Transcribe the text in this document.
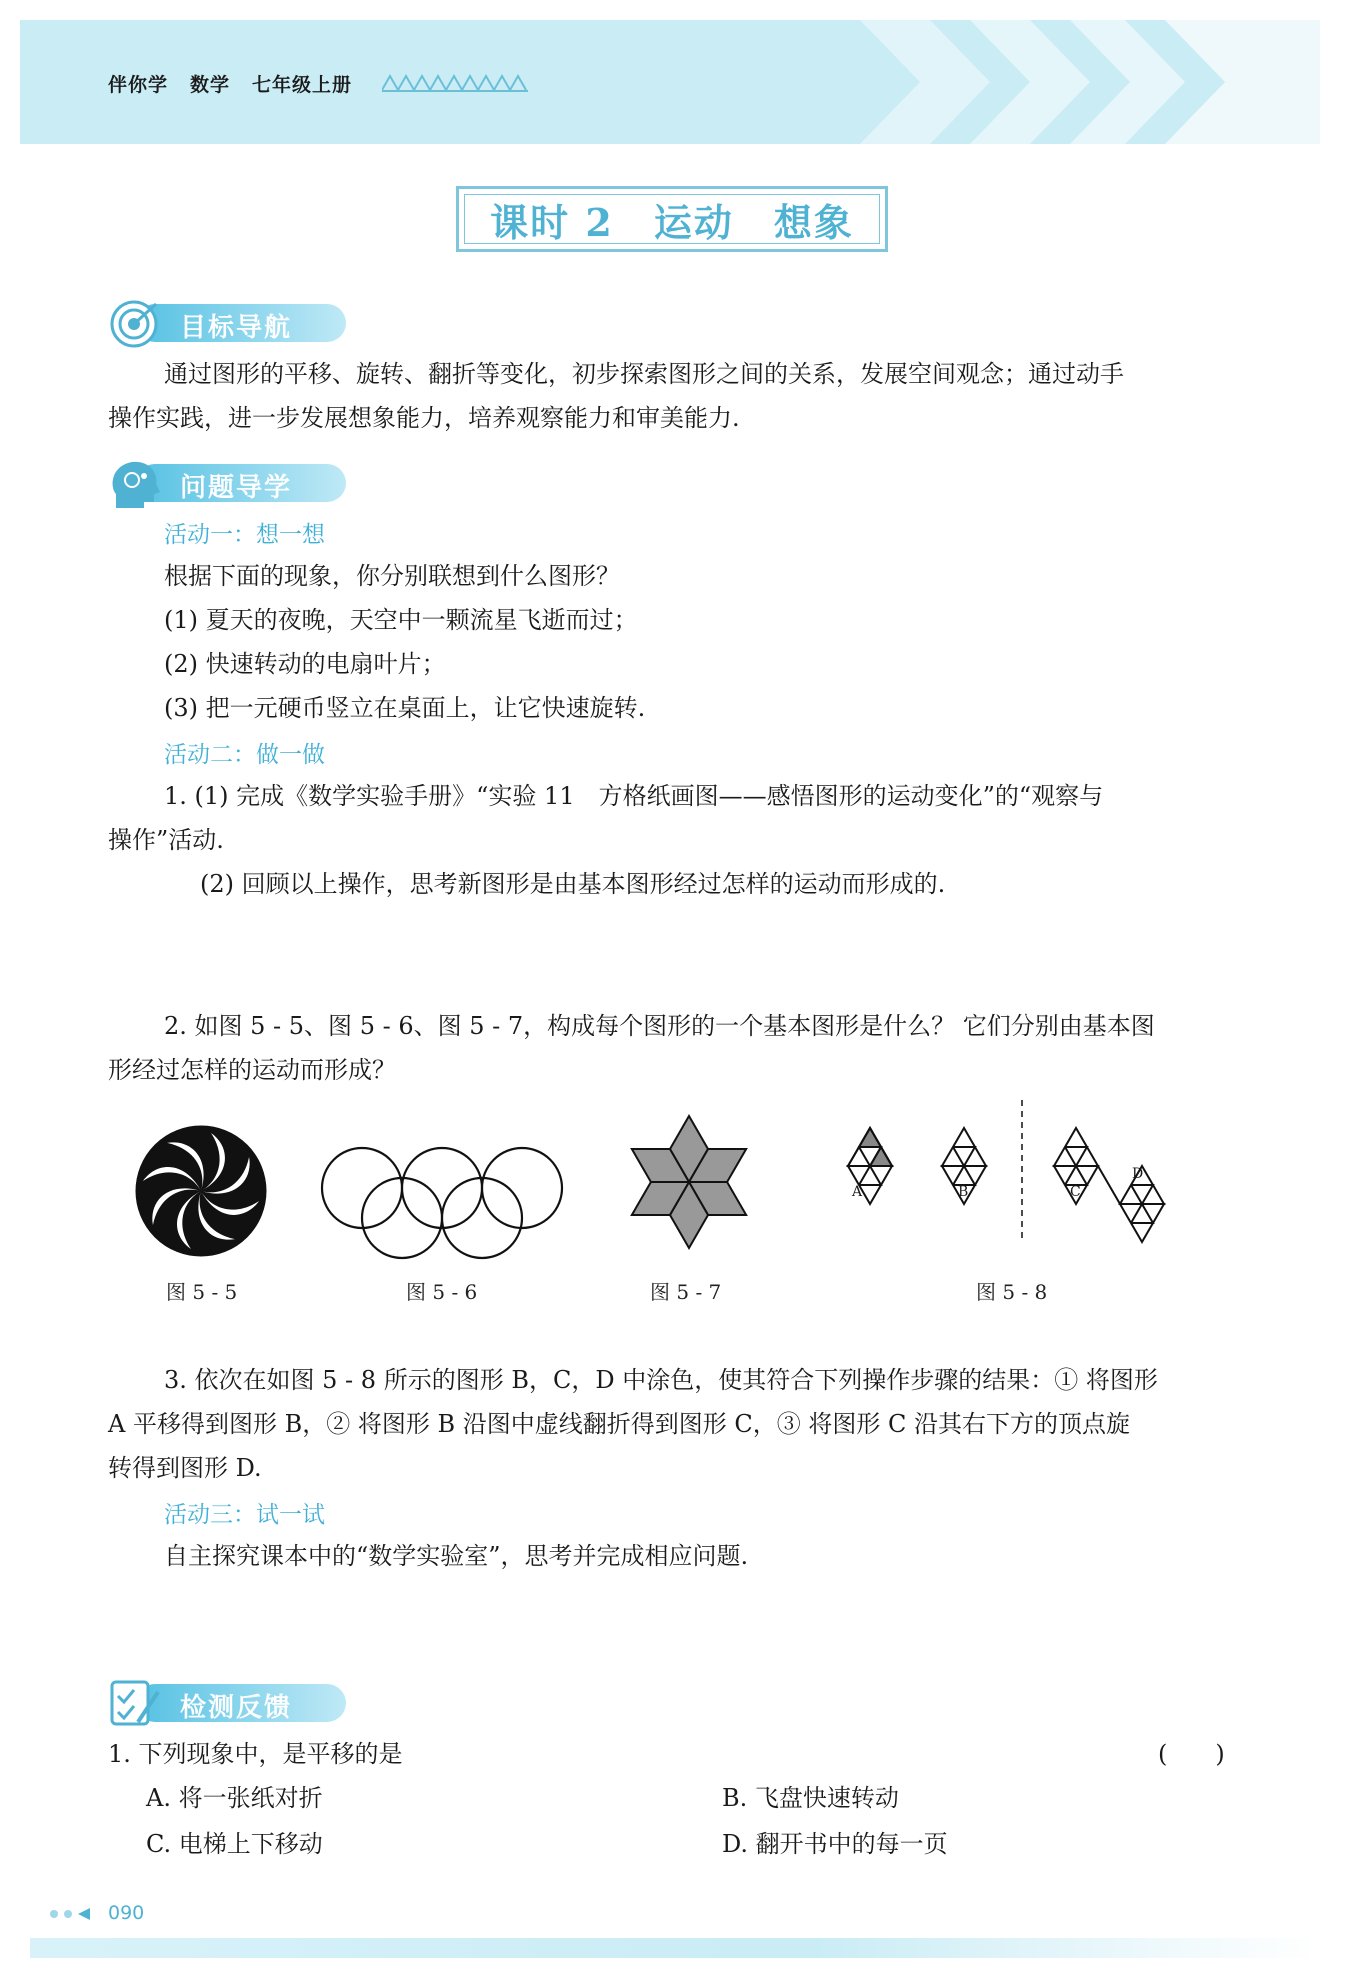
伴你学 数学 七年级上册
课时 2　运动　想象
目标导航
通过图形的平移、旋转、翻折等变化，初步探索图形之间的关系，发展空间观念；通过动手
操作实践，进一步发展想象能力，培养观察能力和审美能力.
问题导学
活动一：想一想
根据下面的现象，你分别联想到什么图形？
(1) 夏天的夜晚，天空中一颗流星飞逝而过；
(2) 快速转动的电扇叶片；
(3) 把一元硬币竖立在桌面上，让它快速旋转.
活动二：做一做
1. (1) 完成《数学实验手册》“实验 11　方格纸画图——感悟图形的运动变化”的“观察与
操作”活动.
(2) 回顾以上操作，思考新图形是由基本图形经过怎样的运动而形成的.
2. 如图 5 - 5、图 5 - 6、图 5 - 7，构成每个图形的一个基本图形是什么？ 它们分别由基本图
形经过怎样的运动而形成？
图 5 - 5	图 5 - 6	图 5 - 7
A	B	C
D
图 5 - 8
3. 依次在如图 5 - 8 所示的图形 B，C，D 中涂色，使其符合下列操作步骤的结果：① 将图形
A 平移得到图形 B，② 将图形 B 沿图中虚线翻折得到图形 C，③ 将图形 C 沿其右下方的顶点旋
转得到图形 D.
活动三：试一试
自主探究课本中的“数学实验室”，思考并完成相应问题.
检测反馈
1. 下列现象中，是平移的是	(　　)
A. 将一张纸对折	B. 飞盘快速转动
C. 电梯上下移动	D. 翻开书中的每一页
090
